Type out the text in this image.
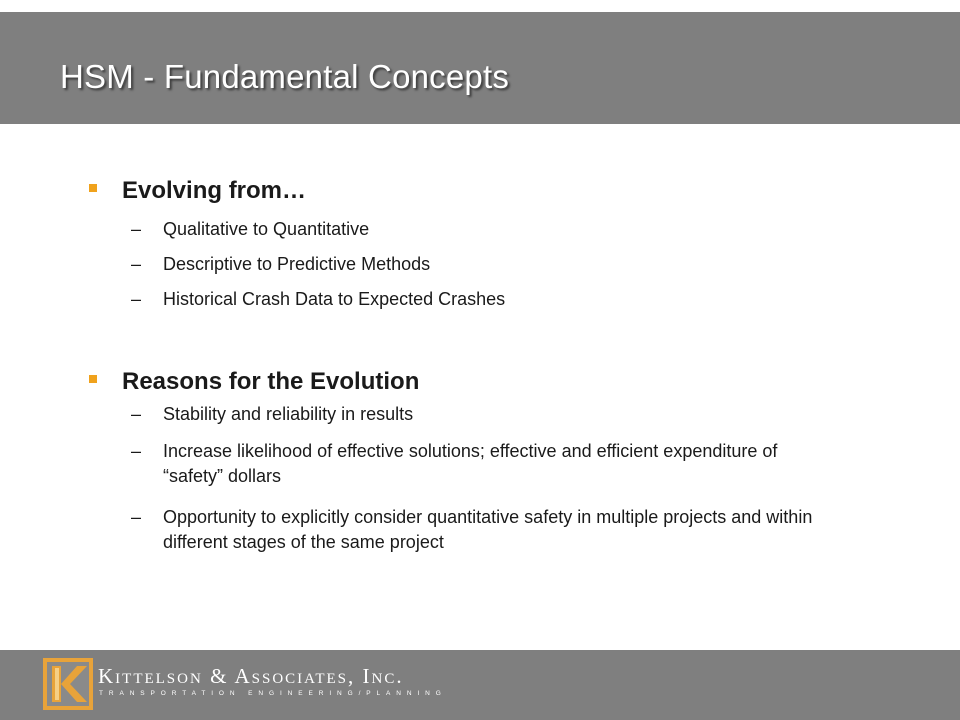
HSM - Fundamental Concepts
Evolving from…
–	Qualitative to Quantitative
–	Descriptive to Predictive Methods
–	Historical Crash Data to Expected Crashes
Reasons for the Evolution
–	Stability and reliability in results
–	Increase likelihood of effective solutions; effective and efficient expenditure of “safety” dollars
–	Opportunity to explicitly consider quantitative safety in multiple projects and within different stages of the same project
Kittelson & Associates, Inc.
TRANSPORTATION ENGINEERING/PLANNING
